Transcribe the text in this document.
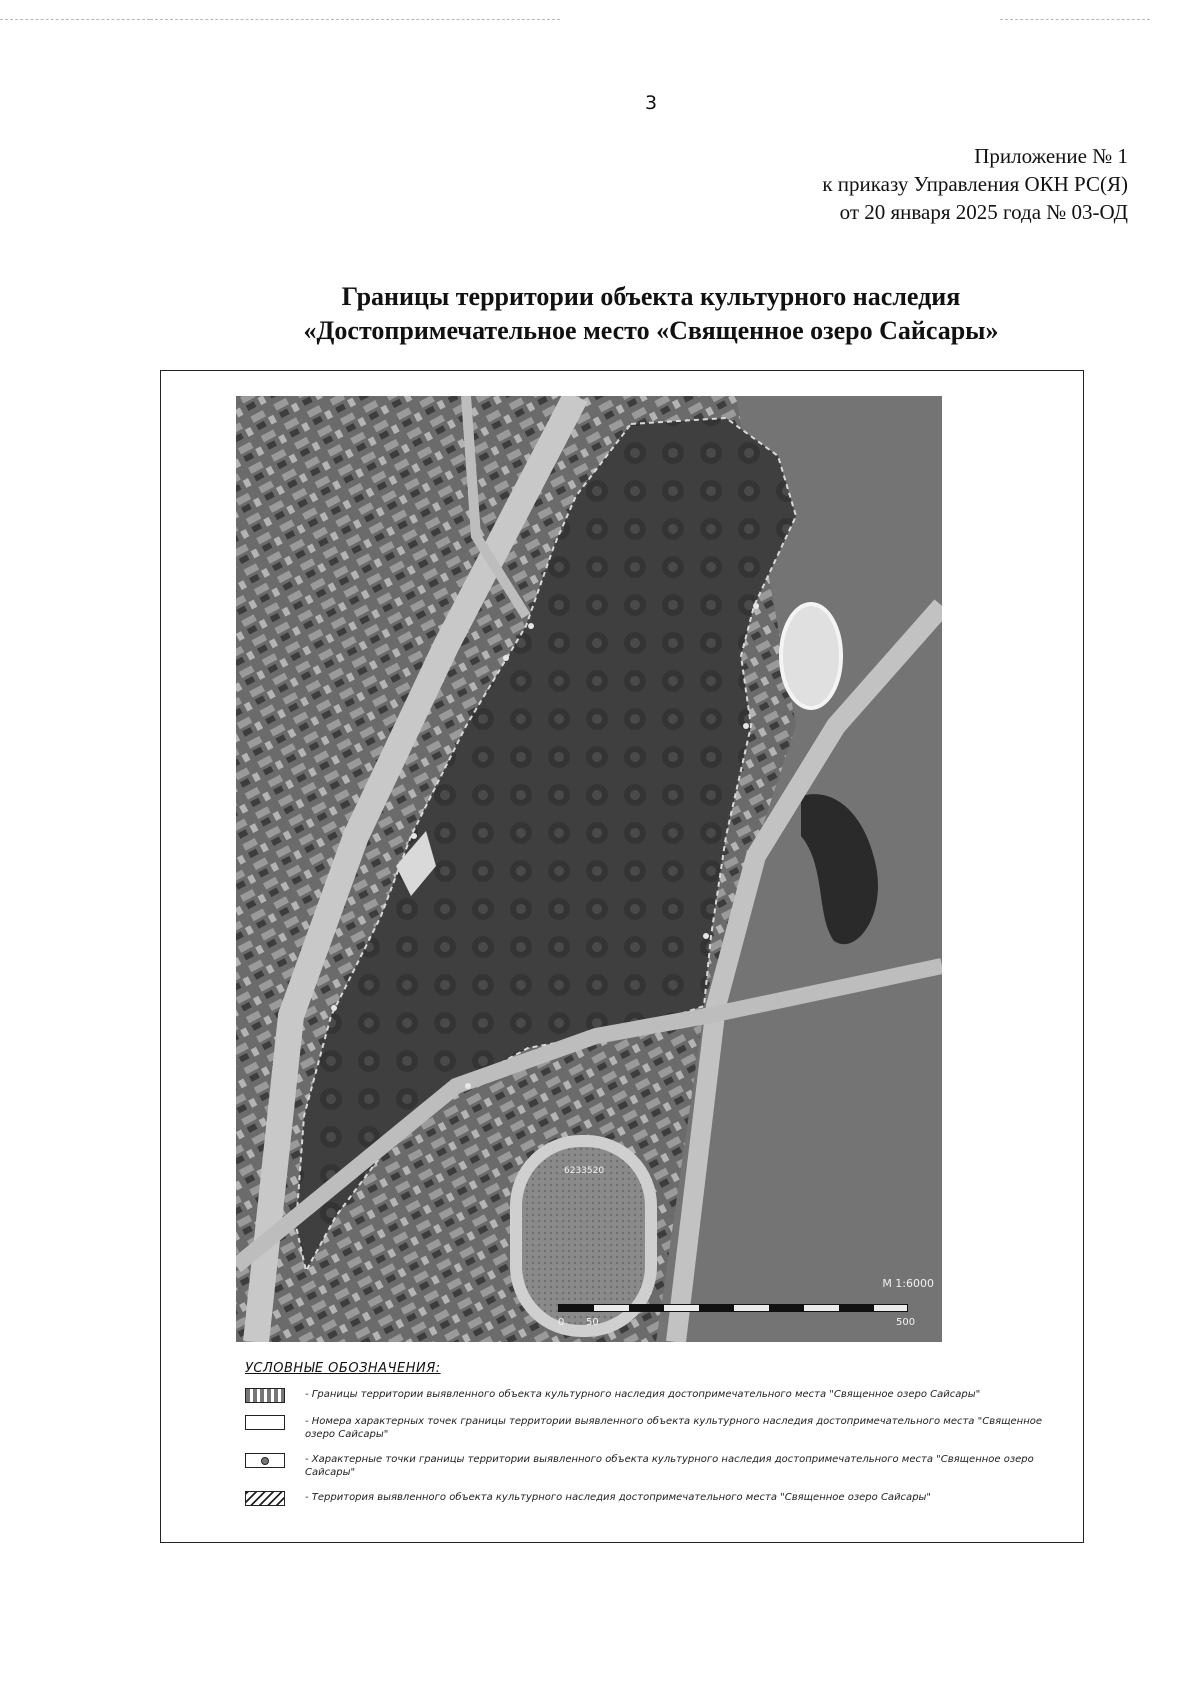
3
Приложение № 1
к приказу Управления ОКН РС(Я)
от 20 января 2025 года № 03-ОД
Границы территории объекта культурного наследия
«Достопримечательное место «Священное озеро Сайсары»
М 1:6000
6233520
0 50	500
УСЛОВНЫЕ ОБОЗНАЧЕНИЯ:
- Границы территории выявленного объекта культурного наследия достопримечательного места "Священное озеро Сайсары"
- Номера характерных точек границы территории выявленного объекта культурного наследия достопримечательного места "Священное озеро Сайсары"
- Характерные точки границы территории выявленного объекта культурного наследия достопримечательного места "Священное озеро Сайсары"
- Территория выявленного объекта культурного наследия достопримечательного места "Священное озеро Сайсары"
